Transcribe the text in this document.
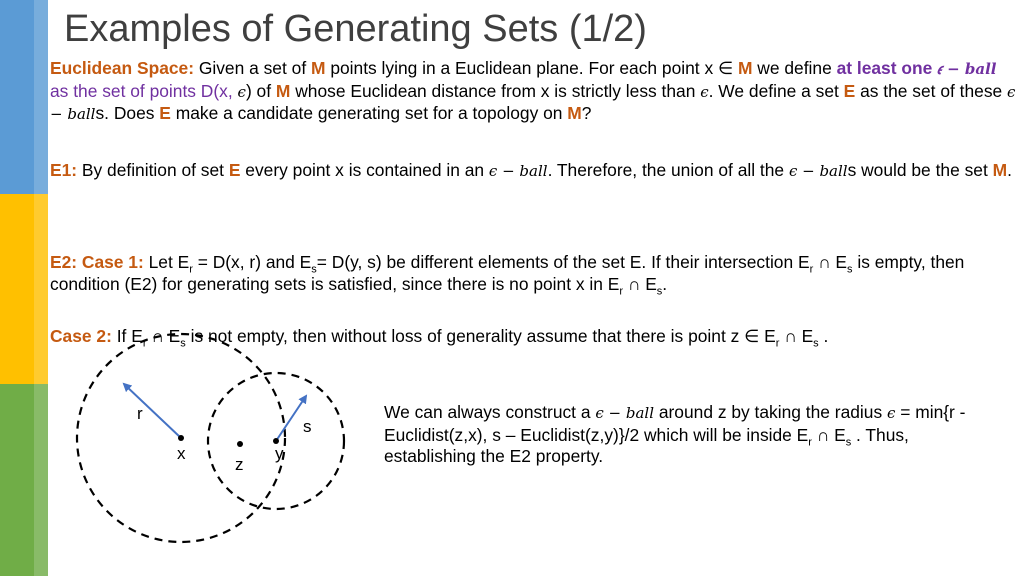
Examples of Generating Sets (1/2)
Euclidean Space: Given a set of M points lying in a Euclidean plane. For each point x ∈ M we define at least one 𝜖 − 𝒃𝒂𝒍𝒍 as the set of points D(x, 𝜖) of M whose Euclidean distance from x is strictly less than 𝜖. We define a set E as the set of these 𝜖 − 𝑏𝑎𝑙𝑙s. Does E make a candidate generating set for a topology on M?
E1: By definition of set E every point x is contained in an 𝜖 − 𝑏𝑎𝑙𝑙. Therefore, the union of all the 𝜖 − 𝑏𝑎𝑙𝑙s would be the set M.
E2: Case 1: Let $E_r = D(x$, r) and $E_s= D(y$, s) be different elements of the set E. If their intersection $E_r$ ∩ $E_s$ is empty, then condition (E2) for generating sets is satisfied, since there is no point x in $E_r$ ∩ $E_s$.
Case 2: If $E_r$ ∩ $E_s$ is not empty, then without loss of generality assume that there is point z ∈ $E_r$ ∩ $E_s$ .
We can always construct a 𝜖 − 𝑏𝑎𝑙𝑙 around z by taking the radius 𝜖 = min{r - Euclidist(z,x), s – Euclidist(z,y)}/2 which will be inside $E_r$ ∩ $E_s$ . Thus, establishing the E2 property.
r
s
x	y
z
